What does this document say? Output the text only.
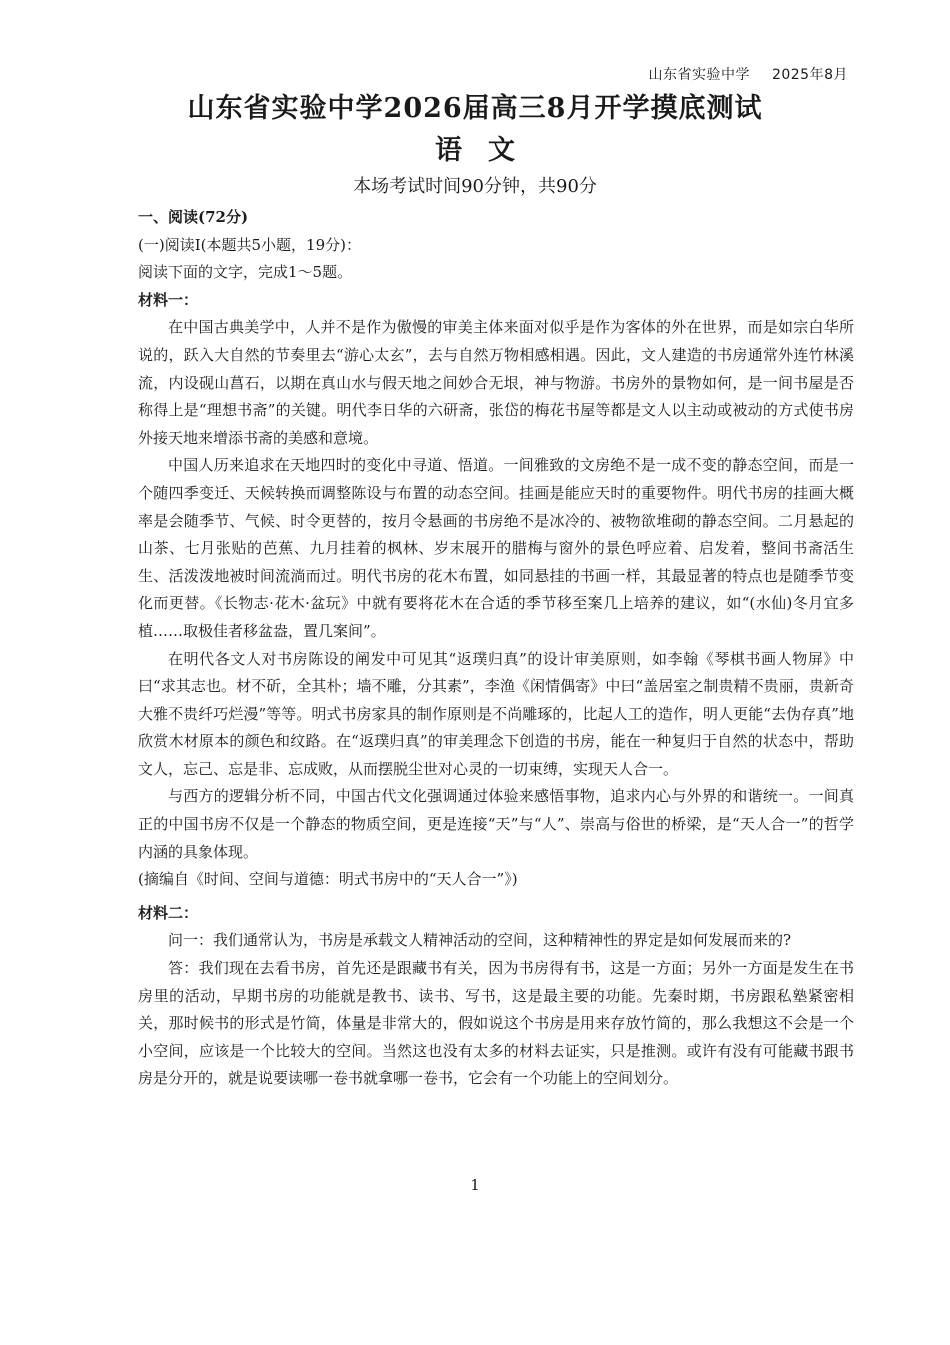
山东省实验中学 2025年8月
山东省实验中学2026届高三8月开学摸底测试
语文
本场考试时间90分钟，共90分

一、阅读(72分)

(一)阅读Ⅰ(本题共5小题，19分)：

阅读下面的文字，完成1～5题。

材料一：

在中国古典美学中，人并不是作为傲慢的审美主体来面对似乎是作为客体的外在世界，而是如宗白华所说的，跃入大自然的节奏里去“游心太玄”，去与自然万物相感相遇。因此，文人建造的书房通常外连竹林溪流，内设砚山菖石，以期在真山水与假天地之间妙合无垠，神与物游。书房外的景物如何，是一间书屋是否称得上是“理想书斋”的关键。明代李日华的六研斋，张岱的梅花书屋等都是文人以主动或被动的方式使书房外接天地来增添书斋的美感和意境。

中国人历来追求在天地四时的变化中寻道、悟道。一间雅致的文房绝不是一成不变的静态空间，而是一个随四季变迁、天候转换而调整陈设与布置的动态空间。挂画是能应天时的重要物件。明代书房的挂画大概率是会随季节、气候、时令更替的，按月令悬画的书房绝不是冰冷的、被物欲堆砌的静态空间。二月悬起的山茶、七月张贴的芭蕉、九月挂着的枫林、岁末展开的腊梅与窗外的景色呼应着、启发着，整间书斋活生生、活泼泼地被时间流淌而过。明代书房的花木布置，如同悬挂的书画一样，其最显著的特点也是随季节变化而更替。《长物志·花木·盆玩》中就有要将花木在合适的季节移至案几上培养的建议，如“(水仙)冬月宜多植……取极佳者移盆盎，置几案间”。

在明代各文人对书房陈设的阐发中可见其“返璞归真”的设计审美原则，如李翰《琴棋书画人物屏》中曰“求其志也。材不斫，全其朴；墙不雕，分其素”，李渔《闲情偶寄》中曰“盖居室之制贵精不贵丽，贵新奇大雅不贵纤巧烂漫”等等。明式书房家具的制作原则是不尚雕琢的，比起人工的造作，明人更能“去伪存真”地欣赏木材原本的颜色和纹路。在“返璞归真”的审美理念下创造的书房，能在一种复归于自然的状态中，帮助文人，忘己、忘是非、忘成败，从而摆脱尘世对心灵的一切束缚，实现天人合一。

与西方的逻辑分析不同，中国古代文化强调通过体验来感悟事物，追求内心与外界的和谐统一。一间真正的中国书房不仅是一个静态的物质空间，更是连接“天”与“人”、崇高与俗世的桥梁，是“天人合一”的哲学内涵的具象体现。

(摘编自《时间、空间与道德：明式书房中的“天人合一”》)

材料二：

问一：我们通常认为，书房是承载文人精神活动的空间，这种精神性的界定是如何发展而来的?

答：我们现在去看书房，首先还是跟藏书有关，因为书房得有书，这是一方面；另外一方面是发生在书房里的活动，早期书房的功能就是教书、读书、写书，这是最主要的功能。先秦时期，书房跟私塾紧密相关，那时候书的形式是竹简，体量是非常大的，假如说这个书房是用来存放竹简的，那么我想这不会是一个小空间，应该是一个比较大的空间。当然这也没有太多的材料去证实，只是推测。或许有没有可能藏书跟书房是分开的，就是说要读哪一卷书就拿哪一卷书，它会有一个功能上的空间划分。

1
